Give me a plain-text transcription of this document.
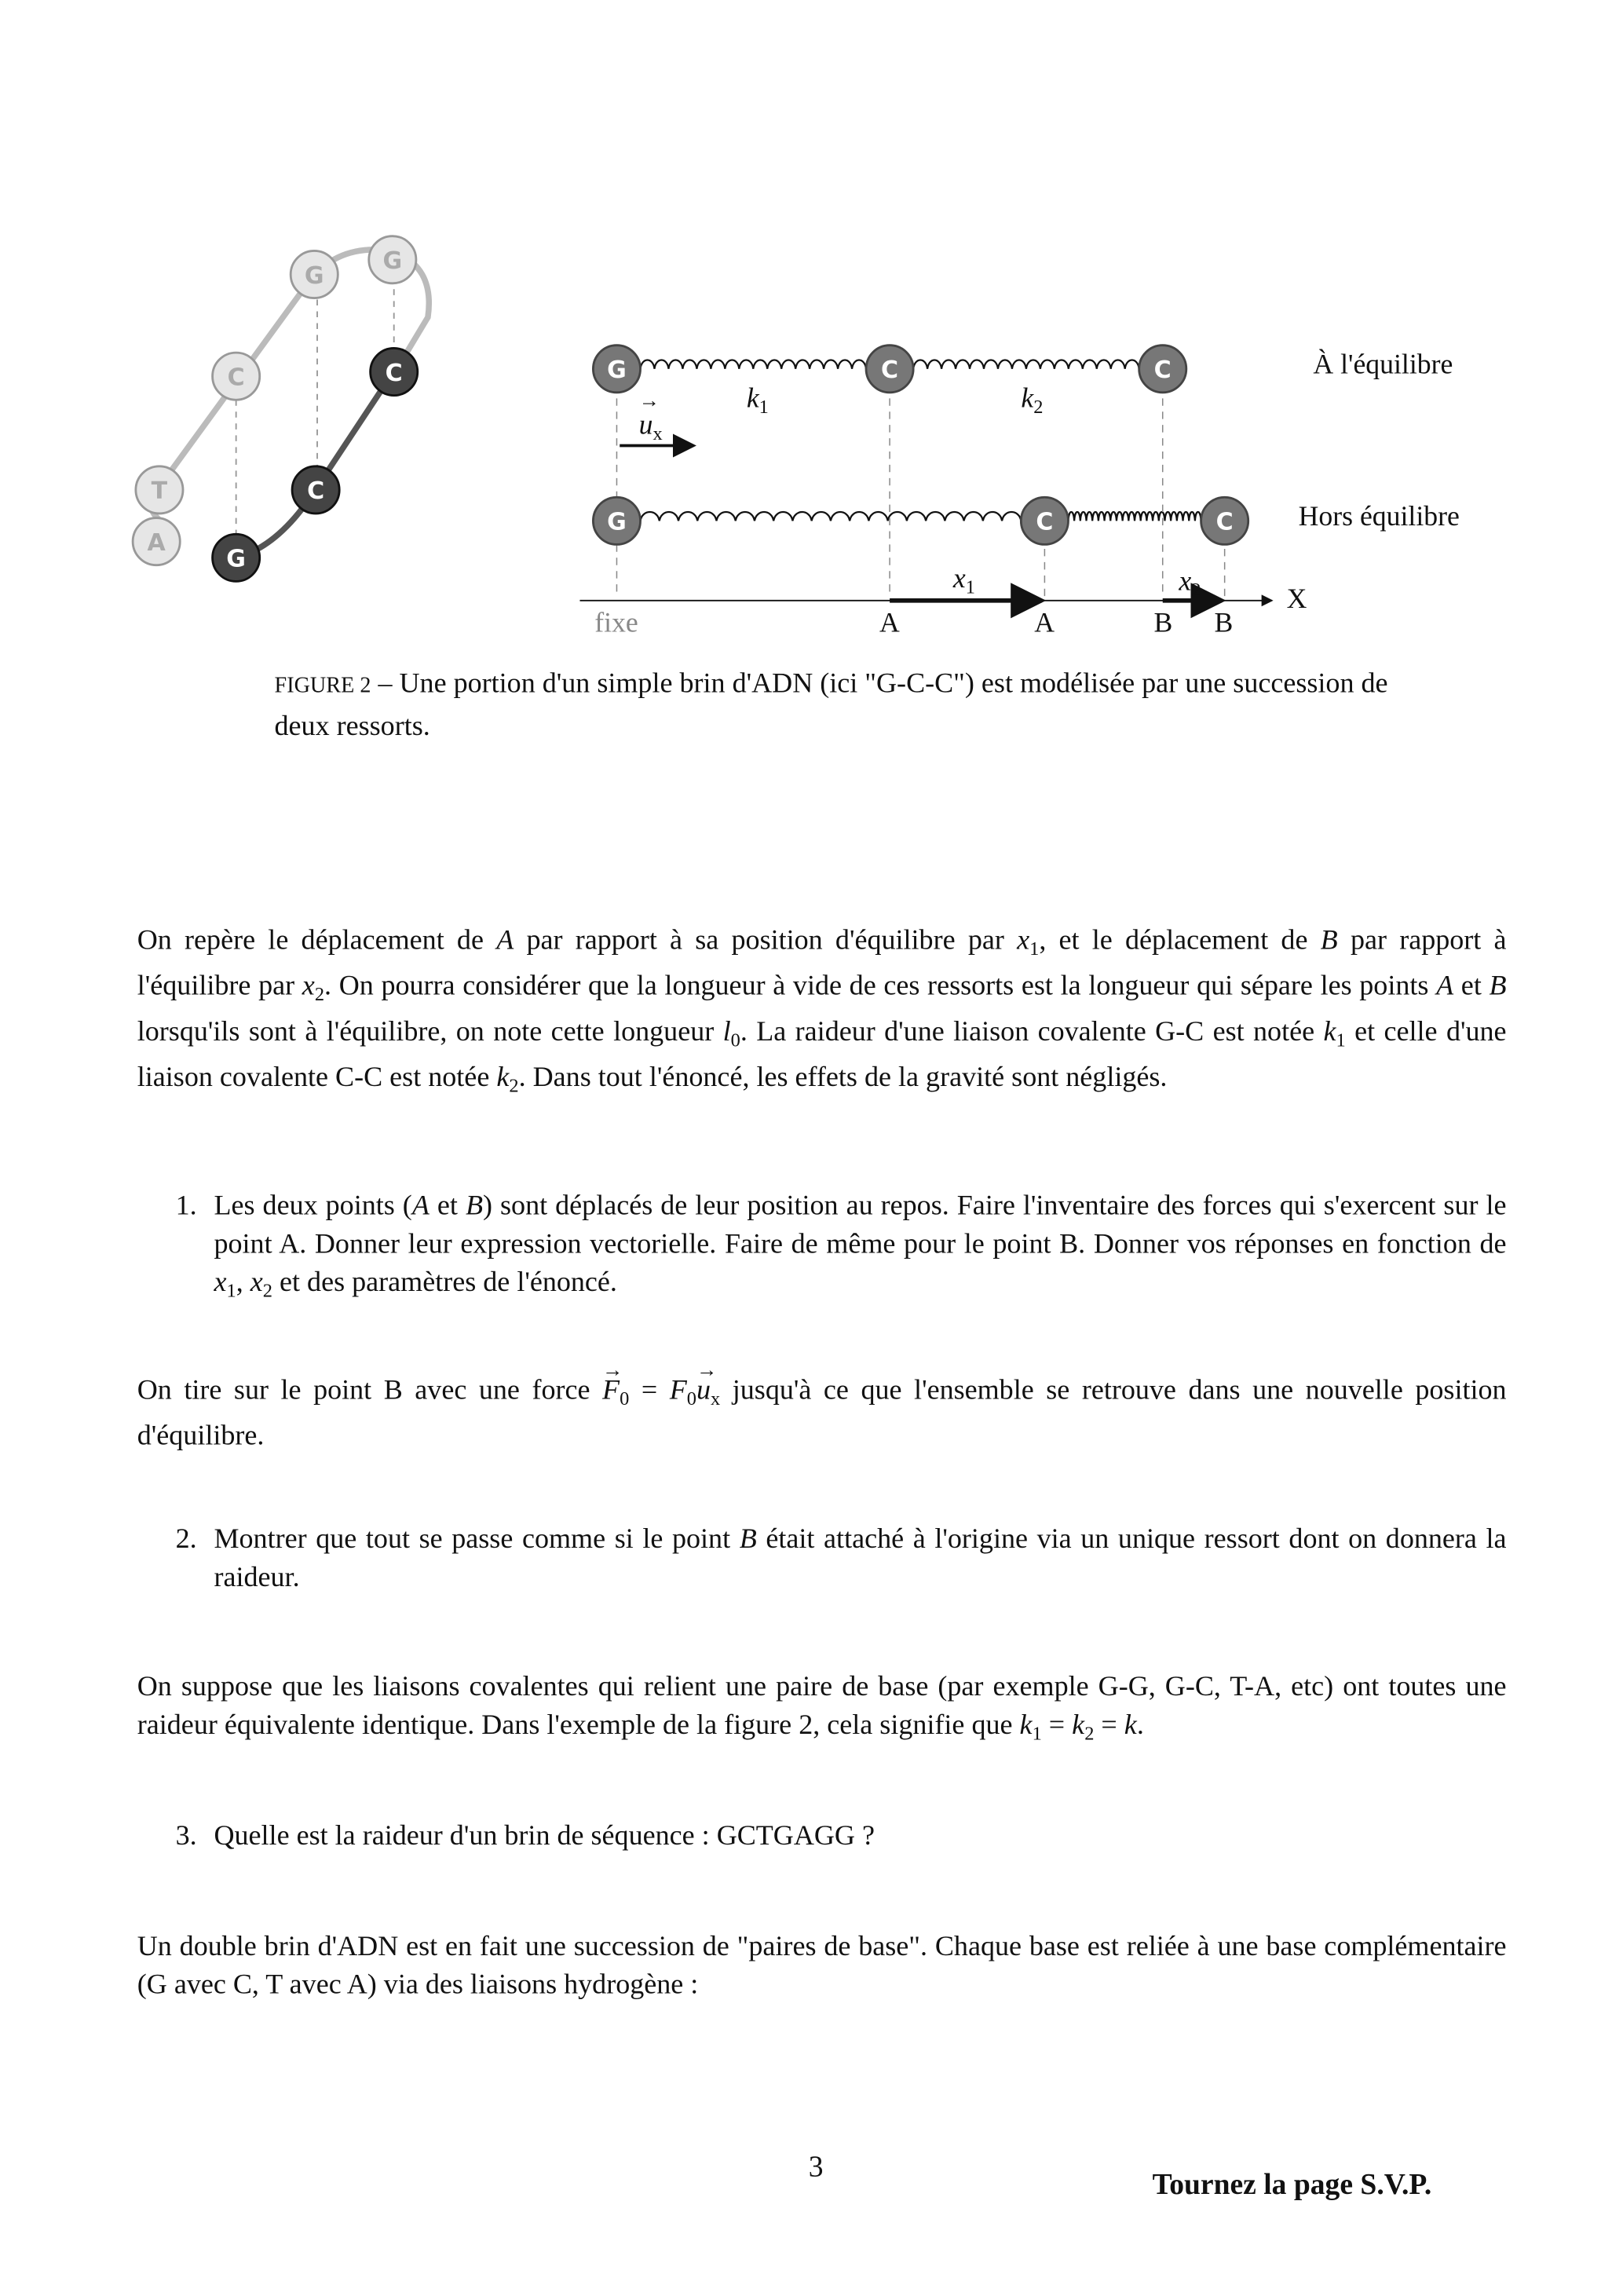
G
G
C
T
A
C
C
G
G	C	C
G	C	C
$k_1$	$k_2$
→ $u_x$
$x_1$	$x_2$	X
fixe	A	A	B	B
À l'équilibre
Hors équilibre
FIGURE 2 – Une portion d'un simple brin d'ADN (ici "G-C-C") est modélisée par une succession de deux ressorts.
On repère le déplacement de A par rapport à sa position d'équilibre par $x_1$, et le déplacement de B par rapport à l'équilibre par $x_2$. On pourra considérer que la longueur à vide de ces ressorts est la longueur qui sépare les points A et B lorsqu'ils sont à l'équilibre, on note cette longueur $l_0$. La raideur d'une liaison covalente G-C est notée $k_1$ et celle d'une liaison covalente C-C est notée $k_2$. Dans tout l'énoncé, les effets de la gravité sont négligés.
1. Les deux points (A et B) sont déplacés de leur position au repos. Faire l'inventaire des forces qui s'exercent sur le point A. Donner leur expression vectorielle. Faire de même pour le point B. Donner vos réponses en fonction de $x_1$, $x_2$ et des paramètres de l'énoncé.
On tire sur le point B avec une force → $F_0 = F_0\to u_x$ jusqu'à ce que l'ensemble se retrouve dans une nouvelle position d'équilibre.
2. Montrer que tout se passe comme si le point B était attaché à l'origine via un unique ressort dont on donnera la raideur.
On suppose que les liaisons covalentes qui relient une paire de base (par exemple G-G, G-C, T-A, etc) ont toutes une raideur équivalente identique. Dans l'exemple de la figure 2, cela signifie que $k_1 = k_2 = k$.
3. Quelle est la raideur d'un brin de séquence : GCTGAGG ?
Un double brin d'ADN est en fait une succession de "paires de base". Chaque base est reliée à une base complémentaire (G avec C, T avec A) via des liaisons hydrogène :
3
Tournez la page S.V.P.
